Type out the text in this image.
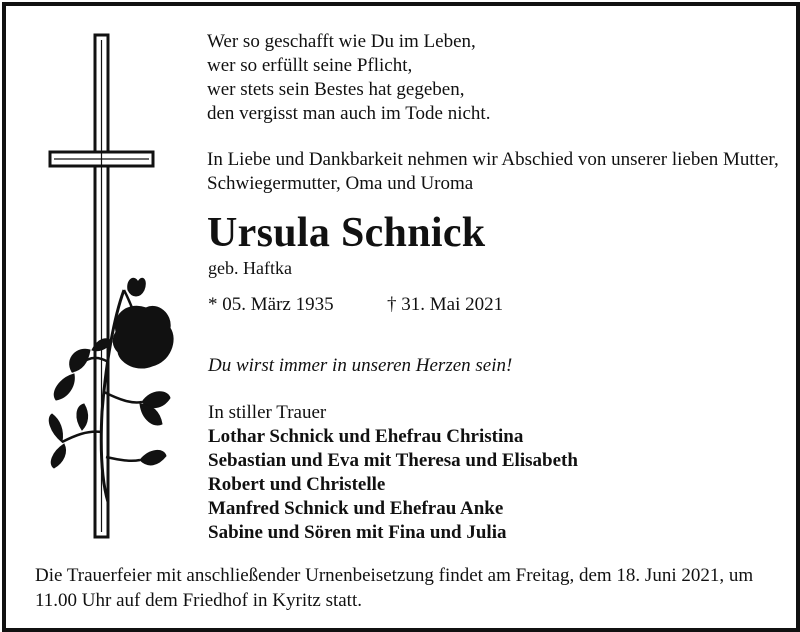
Wer so geschafft wie Du im Leben,
wer so erfüllt seine Pflicht,
wer stets sein Bestes hat gegeben,
den vergisst man auch im Tode nicht.
In Liebe und Dankbarkeit nehmen wir Abschied von unserer lieben Mutter, Schwiegermutter, Oma und Uroma
Ursula Schnick
geb. Haftka
* 05. März 1935	† 31. Mai 2021
Du wirst immer in unseren Herzen sein!
In stiller Trauer
Lothar Schnick und Ehefrau Christina
Sebastian und Eva mit Theresa und Elisabeth
Robert und Christelle
Manfred Schnick und Ehefrau Anke
Sabine und Sören mit Fina und Julia
Die Trauerfeier mit anschließender Urnenbeisetzung findet am Freitag, dem 18. Juni 2021, um 11.00 Uhr auf dem Friedhof in Kyritz statt.
